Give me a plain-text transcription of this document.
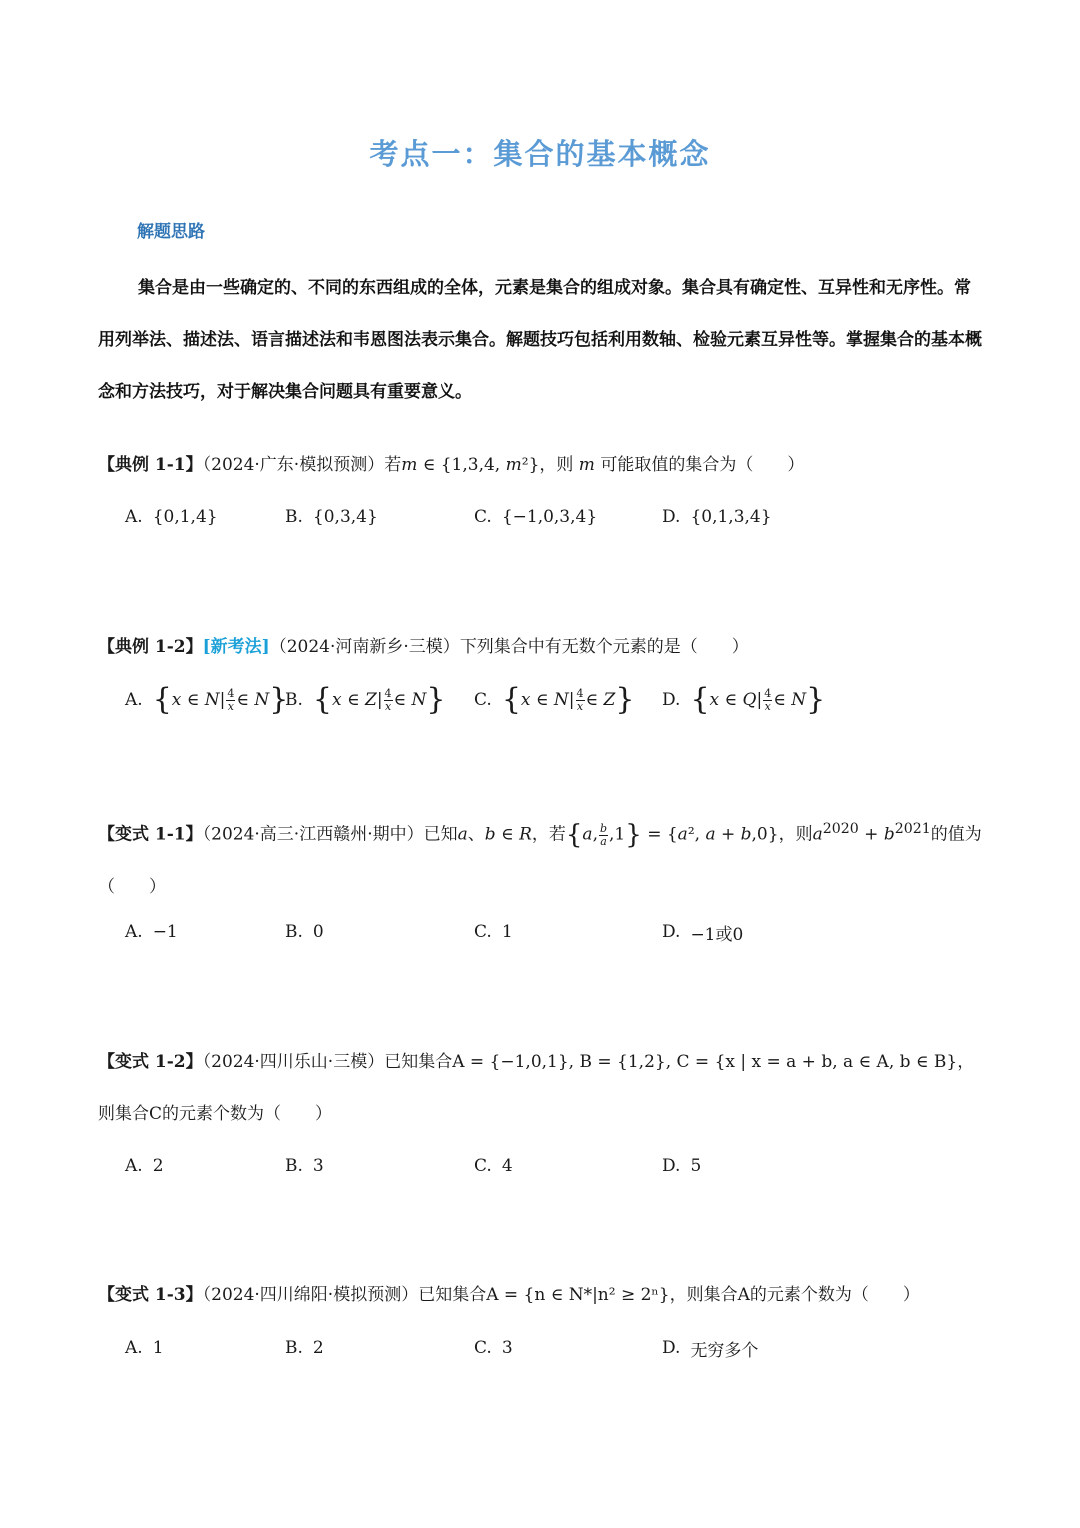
考点一：集合的基本概念
解题思路
集合是由一些确定的、不同的东西组成的全体，元素是集合的组成对象。集合具有确定性、互异性和无序性。常用列举法、描述法、语言描述法和韦恩图法表示集合。解题技巧包括利用数轴、检验元素互异性等。掌握集合的基本概念和方法技巧，对于解决集合问题具有重要意义。
【典例 1-1】（2024·广东·模拟预测）若m ∈ {1,3,4, m²}，则 m 可能取值的集合为（　　）
A. {0,1,4}	B. {0,3,4}	C. {−1,0,3,4}	D. {0,1,3,4}
【典例 1-2】[新考法]（2024·河南新乡·三模）下列集合中有无数个元素的是（　　）
A. { x ∈ N | $\frac{4}{x}$ ∈ N }
B. { x ∈ Z | $\frac{4}{x}$ ∈ N } C. { x ∈ N | $\frac{4}{x}$ ∈ Z } D. { x ∈ Q | $\frac{4}{x}$ ∈ N }
【变式 1-1】（2024·高三·江西赣州·期中）已知a、b ∈ R，若{a, $\frac{b}{a} ,1\} = \{a^2$, a + b,0}，则$a^{2020} + b^{2021}$的值为（　　）
A. −1	B. 0	C. 1	D. −1或0
【变式 1-2】（2024·四川乐山·三模）已知集合A = {−1,0,1}, B = {1,2}, C = {x | x = a + b, a ∈ A, b ∈ B}，则集合C的元素个数为（　　）
A. 2	B. 3	C. 4	D. 5
【变式 1-3】（2024·四川绵阳·模拟预测）已知集合A = {n ∈ N*|n² ≥ 2ⁿ}，则集合A的元素个数为（　　）
A. 1	B. 2	C. 3	D. 无穷多个
